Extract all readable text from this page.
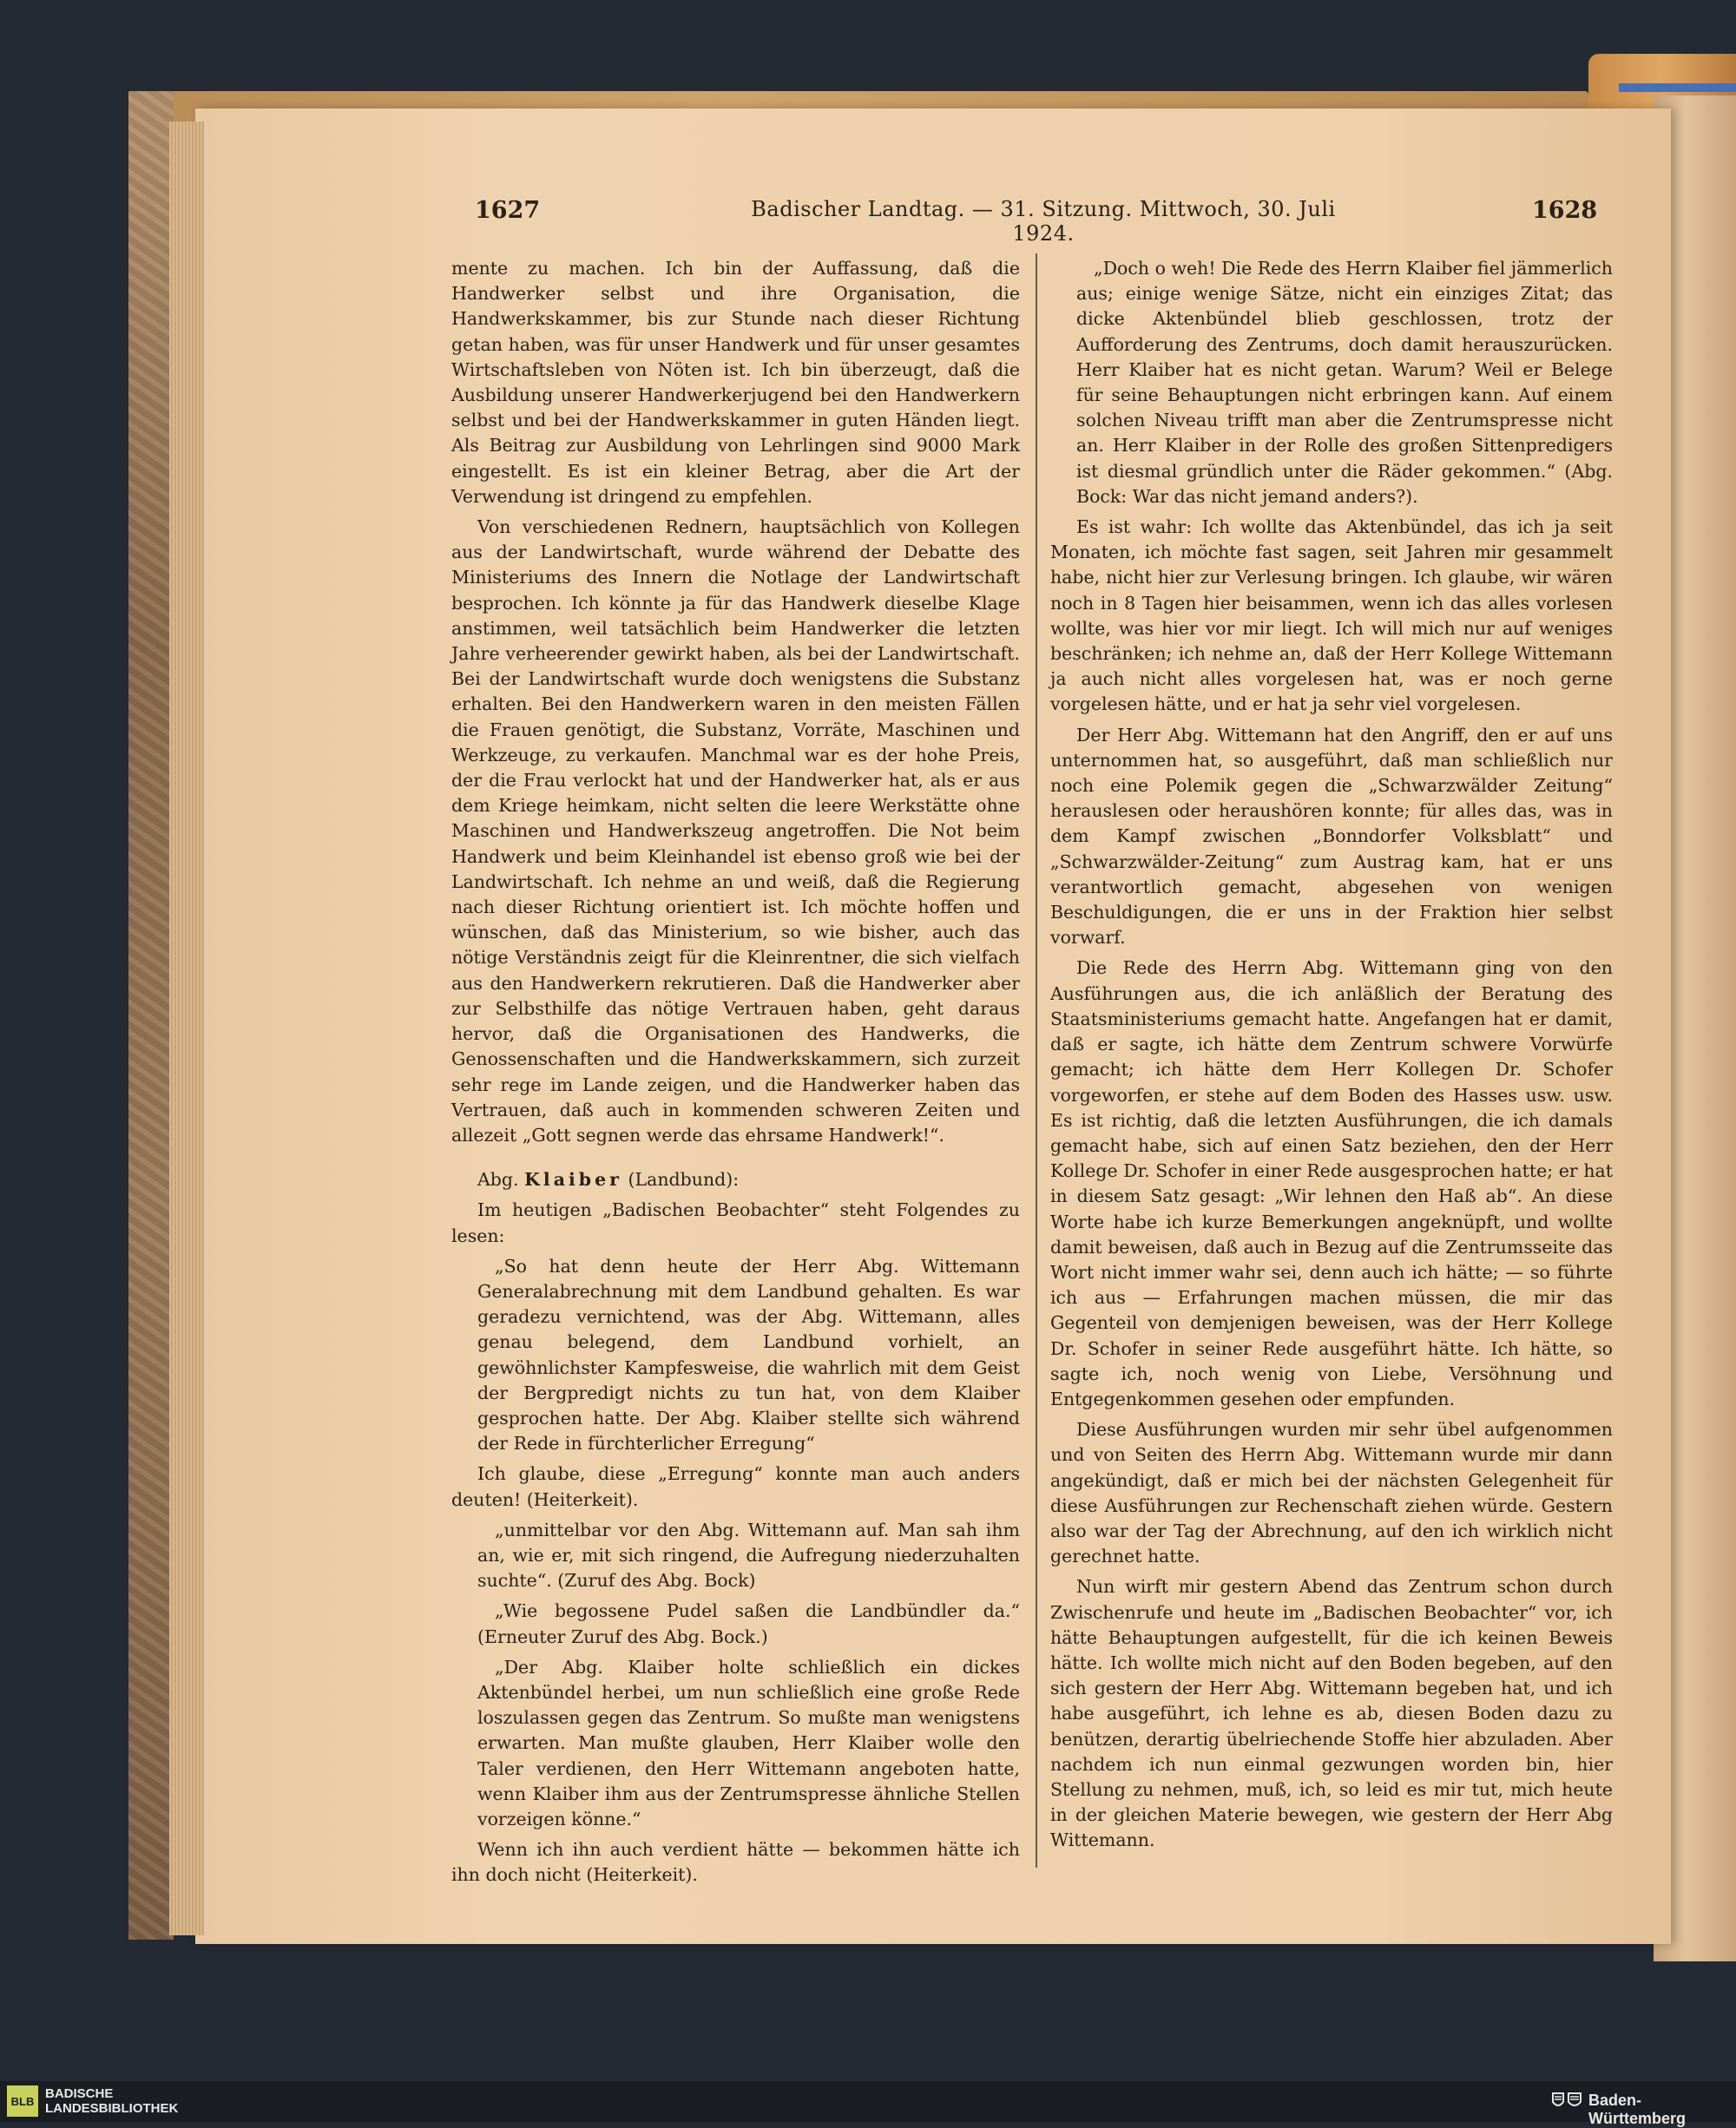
1627	Badischer Landtag. — 31. Sitzung. Mittwoch, 30. Juli 1924.
1628

mente zu machen. Ich bin der Auffassung, daß die Handwerker selbst und ihre Organisation, die Handwerkskammer, bis zur Stunde nach dieser Richtung getan haben, was für unser Handwerk und für unser gesamtes Wirtschaftsleben von Nöten ist. Ich bin überzeugt, daß die Ausbildung unserer Handwerkerjugend bei den Handwerkern selbst und bei der Handwerkskammer in guten Händen liegt. Als Beitrag zur Ausbildung von Lehrlingen sind 9000 Mark eingestellt. Es ist ein kleiner Betrag, aber die Art der Verwendung ist dringend zu empfehlen.

Von verschiedenen Rednern, hauptsächlich von Kollegen aus der Landwirtschaft, wurde während der Debatte des Ministeriums des Innern die Notlage der Landwirtschaft besprochen. Ich könnte ja für das Handwerk dieselbe Klage anstimmen, weil tatsächlich beim Handwerker die letzten Jahre verheerender gewirkt haben, als bei der Landwirtschaft. Bei der Landwirtschaft wurde doch wenigstens die Substanz erhalten. Bei den Handwerkern waren in den meisten Fällen die Frauen genötigt, die Substanz, Vorräte, Maschinen und Werkzeuge, zu verkaufen. Manchmal war es der hohe Preis, der die Frau verlockt hat und der Handwerker hat, als er aus dem Kriege heimkam, nicht selten die leere Werkstätte ohne Maschinen und Handwerkszeug angetroffen. Die Not beim Handwerk und beim Kleinhandel ist ebenso groß wie bei der Landwirtschaft. Ich nehme an und weiß, daß die Regierung nach dieser Richtung orientiert ist. Ich möchte hoffen und wünschen, daß das Ministerium, so wie bisher, auch das nötige Verständnis zeigt für die Kleinrentner, die sich vielfach aus den Handwerkern rekrutieren. Daß die Handwerker aber zur Selbsthilfe das nötige Vertrauen haben, geht daraus hervor, daß die Organisationen des Handwerks, die Genossenschaften und die Handwerkskammern, sich zurzeit sehr rege im Lande zeigen, und die Handwerker haben das Vertrauen, daß auch in kommenden schweren Zeiten und allezeit „Gott segnen werde das ehrsame Handwerk!“.

Abg. Klaiber (Landbund):

Im heutigen „Badischen Beobachter“ steht Folgendes zu lesen:

„So hat denn heute der Herr Abg. Wittemann Generalabrechnung mit dem Landbund gehalten. Es war geradezu vernichtend, was der Abg. Wittemann, alles genau belegend, dem Landbund vorhielt, an gewöhnlichster Kampfesweise, die wahrlich mit dem Geist der Bergpredigt nichts zu tun hat, von dem Klaiber gesprochen hatte. Der Abg. Klaiber stellte sich während der Rede in fürchterlicher Erregung“

Ich glaube, diese „Erregung“ konnte man auch anders deuten! (Heiterkeit).

„unmittelbar vor den Abg. Wittemann auf. Man sah ihm an, wie er, mit sich ringend, die Aufregung niederzuhalten suchte“. (Zuruf des Abg. Bock)

„Wie begossene Pudel saßen die Landbündler da.“ (Erneuter Zuruf des Abg. Bock.)

„Der Abg. Klaiber holte schließlich ein dickes Aktenbündel herbei, um nun schließlich eine große Rede loszulassen gegen das Zentrum. So mußte man wenigstens erwarten. Man mußte glauben, Herr Klaiber wolle den Taler verdienen, den Herr Wittemann angeboten hatte, wenn Klaiber ihm aus der Zentrumspresse ähnliche Stellen vorzeigen könne.“

Wenn ich ihn auch verdient hätte — bekommen hätte ich ihn doch nicht (Heiterkeit).

„Doch o weh! Die Rede des Herrn Klaiber fiel jämmerlich aus; einige wenige Sätze, nicht ein einziges Zitat; das dicke Aktenbündel blieb geschlossen, trotz der Aufforderung des Zentrums, doch damit herauszurücken. Herr Klaiber hat es nicht getan. Warum? Weil er Belege für seine Behauptungen nicht erbringen kann. Auf einem solchen Niveau trifft man aber die Zentrumspresse nicht an. Herr Klaiber in der Rolle des großen Sittenpredigers ist diesmal gründlich unter die Räder gekommen.“ (Abg. Bock: War das nicht jemand anders?).

Es ist wahr: Ich wollte das Aktenbündel, das ich ja seit Monaten, ich möchte fast sagen, seit Jahren mir gesammelt habe, nicht hier zur Verlesung bringen. Ich glaube, wir wären noch in 8 Tagen hier beisammen, wenn ich das alles vorlesen wollte, was hier vor mir liegt. Ich will mich nur auf weniges beschränken; ich nehme an, daß der Herr Kollege Wittemann ja auch nicht alles vorgelesen hat, was er noch gerne vorgelesen hätte, und er hat ja sehr viel vorgelesen.

Der Herr Abg. Wittemann hat den Angriff, den er auf uns unternommen hat, so ausgeführt, daß man schließlich nur noch eine Polemik gegen die „Schwarzwälder Zeitung“ herauslesen oder heraushören konnte; für alles das, was in dem Kampf zwischen „Bonndorfer Volksblatt“ und „Schwarzwälder-Zeitung“ zum Austrag kam, hat er uns verantwortlich gemacht, abgesehen von wenigen Beschuldigungen, die er uns in der Fraktion hier selbst vorwarf.

Die Rede des Herrn Abg. Wittemann ging von den Ausführungen aus, die ich anläßlich der Beratung des Staatsministeriums gemacht hatte. Angefangen hat er damit, daß er sagte, ich hätte dem Zentrum schwere Vorwürfe gemacht; ich hätte dem Herr Kollegen Dr. Schofer vorgeworfen, er stehe auf dem Boden des Hasses usw. usw. Es ist richtig, daß die letzten Ausführungen, die ich damals gemacht habe, sich auf einen Satz beziehen, den der Herr Kollege Dr. Schofer in einer Rede ausgesprochen hatte; er hat in diesem Satz gesagt: „Wir lehnen den Haß ab“. An diese Worte habe ich kurze Bemerkungen angeknüpft, und wollte damit beweisen, daß auch in Bezug auf die Zentrumsseite das Wort nicht immer wahr sei, denn auch ich hätte; — so führte ich aus — Erfahrungen machen müssen, die mir das Gegenteil von demjenigen beweisen, was der Herr Kollege Dr. Schofer in seiner Rede ausgeführt hätte. Ich hätte, so sagte ich, noch wenig von Liebe, Versöhnung und Entgegenkommen gesehen oder empfunden.

Diese Ausführungen wurden mir sehr übel aufgenommen und von Seiten des Herrn Abg. Wittemann wurde mir dann angekündigt, daß er mich bei der nächsten Gelegenheit für diese Ausführungen zur Rechenschaft ziehen würde. Gestern also war der Tag der Abrechnung, auf den ich wirklich nicht gerechnet hatte.

Nun wirft mir gestern Abend das Zentrum schon durch Zwischenrufe und heute im „Badischen Beobachter“ vor, ich hätte Behauptungen aufgestellt, für die ich keinen Beweis hätte. Ich wollte mich nicht auf den Boden begeben, auf den sich gestern der Herr Abg. Wittemann begeben hat, und ich habe ausgeführt, ich lehne es ab, diesen Boden dazu zu benützen, derartig übelriechende Stoffe hier abzuladen. Aber nachdem ich nun einmal gezwungen worden bin, hier Stellung zu nehmen, muß, ich, so leid es mir tut, mich heute in der gleichen Materie bewegen, wie gestern der Herr Abg Wittemann.

BLB BADISCHE
LANDESBIBLIOTHEK	Baden-Württemberg
